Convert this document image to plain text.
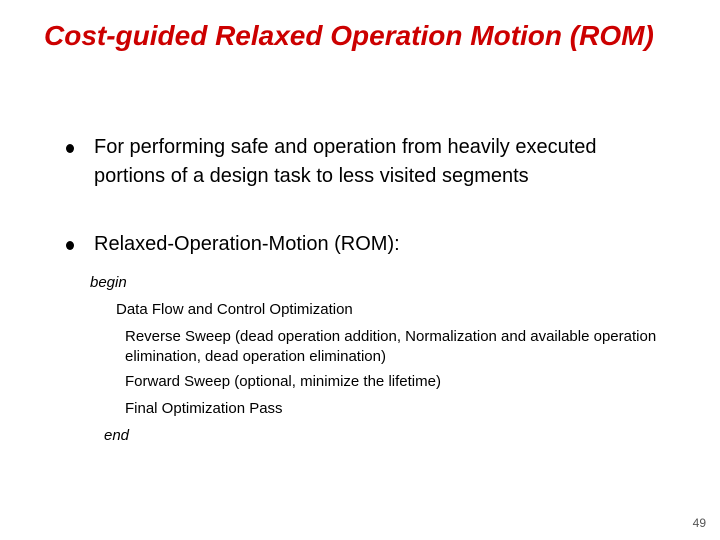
Cost-guided Relaxed Operation Motion (ROM)
For performing safe and operation from heavily executed portions of a design task to less visited segments
Relaxed-Operation-Motion (ROM):
begin
Data Flow and Control Optimization
Reverse Sweep (dead operation addition, Normalization and available operation elimination, dead operation elimination)
Forward Sweep (optional, minimize the lifetime)
Final Optimization Pass
end
49
